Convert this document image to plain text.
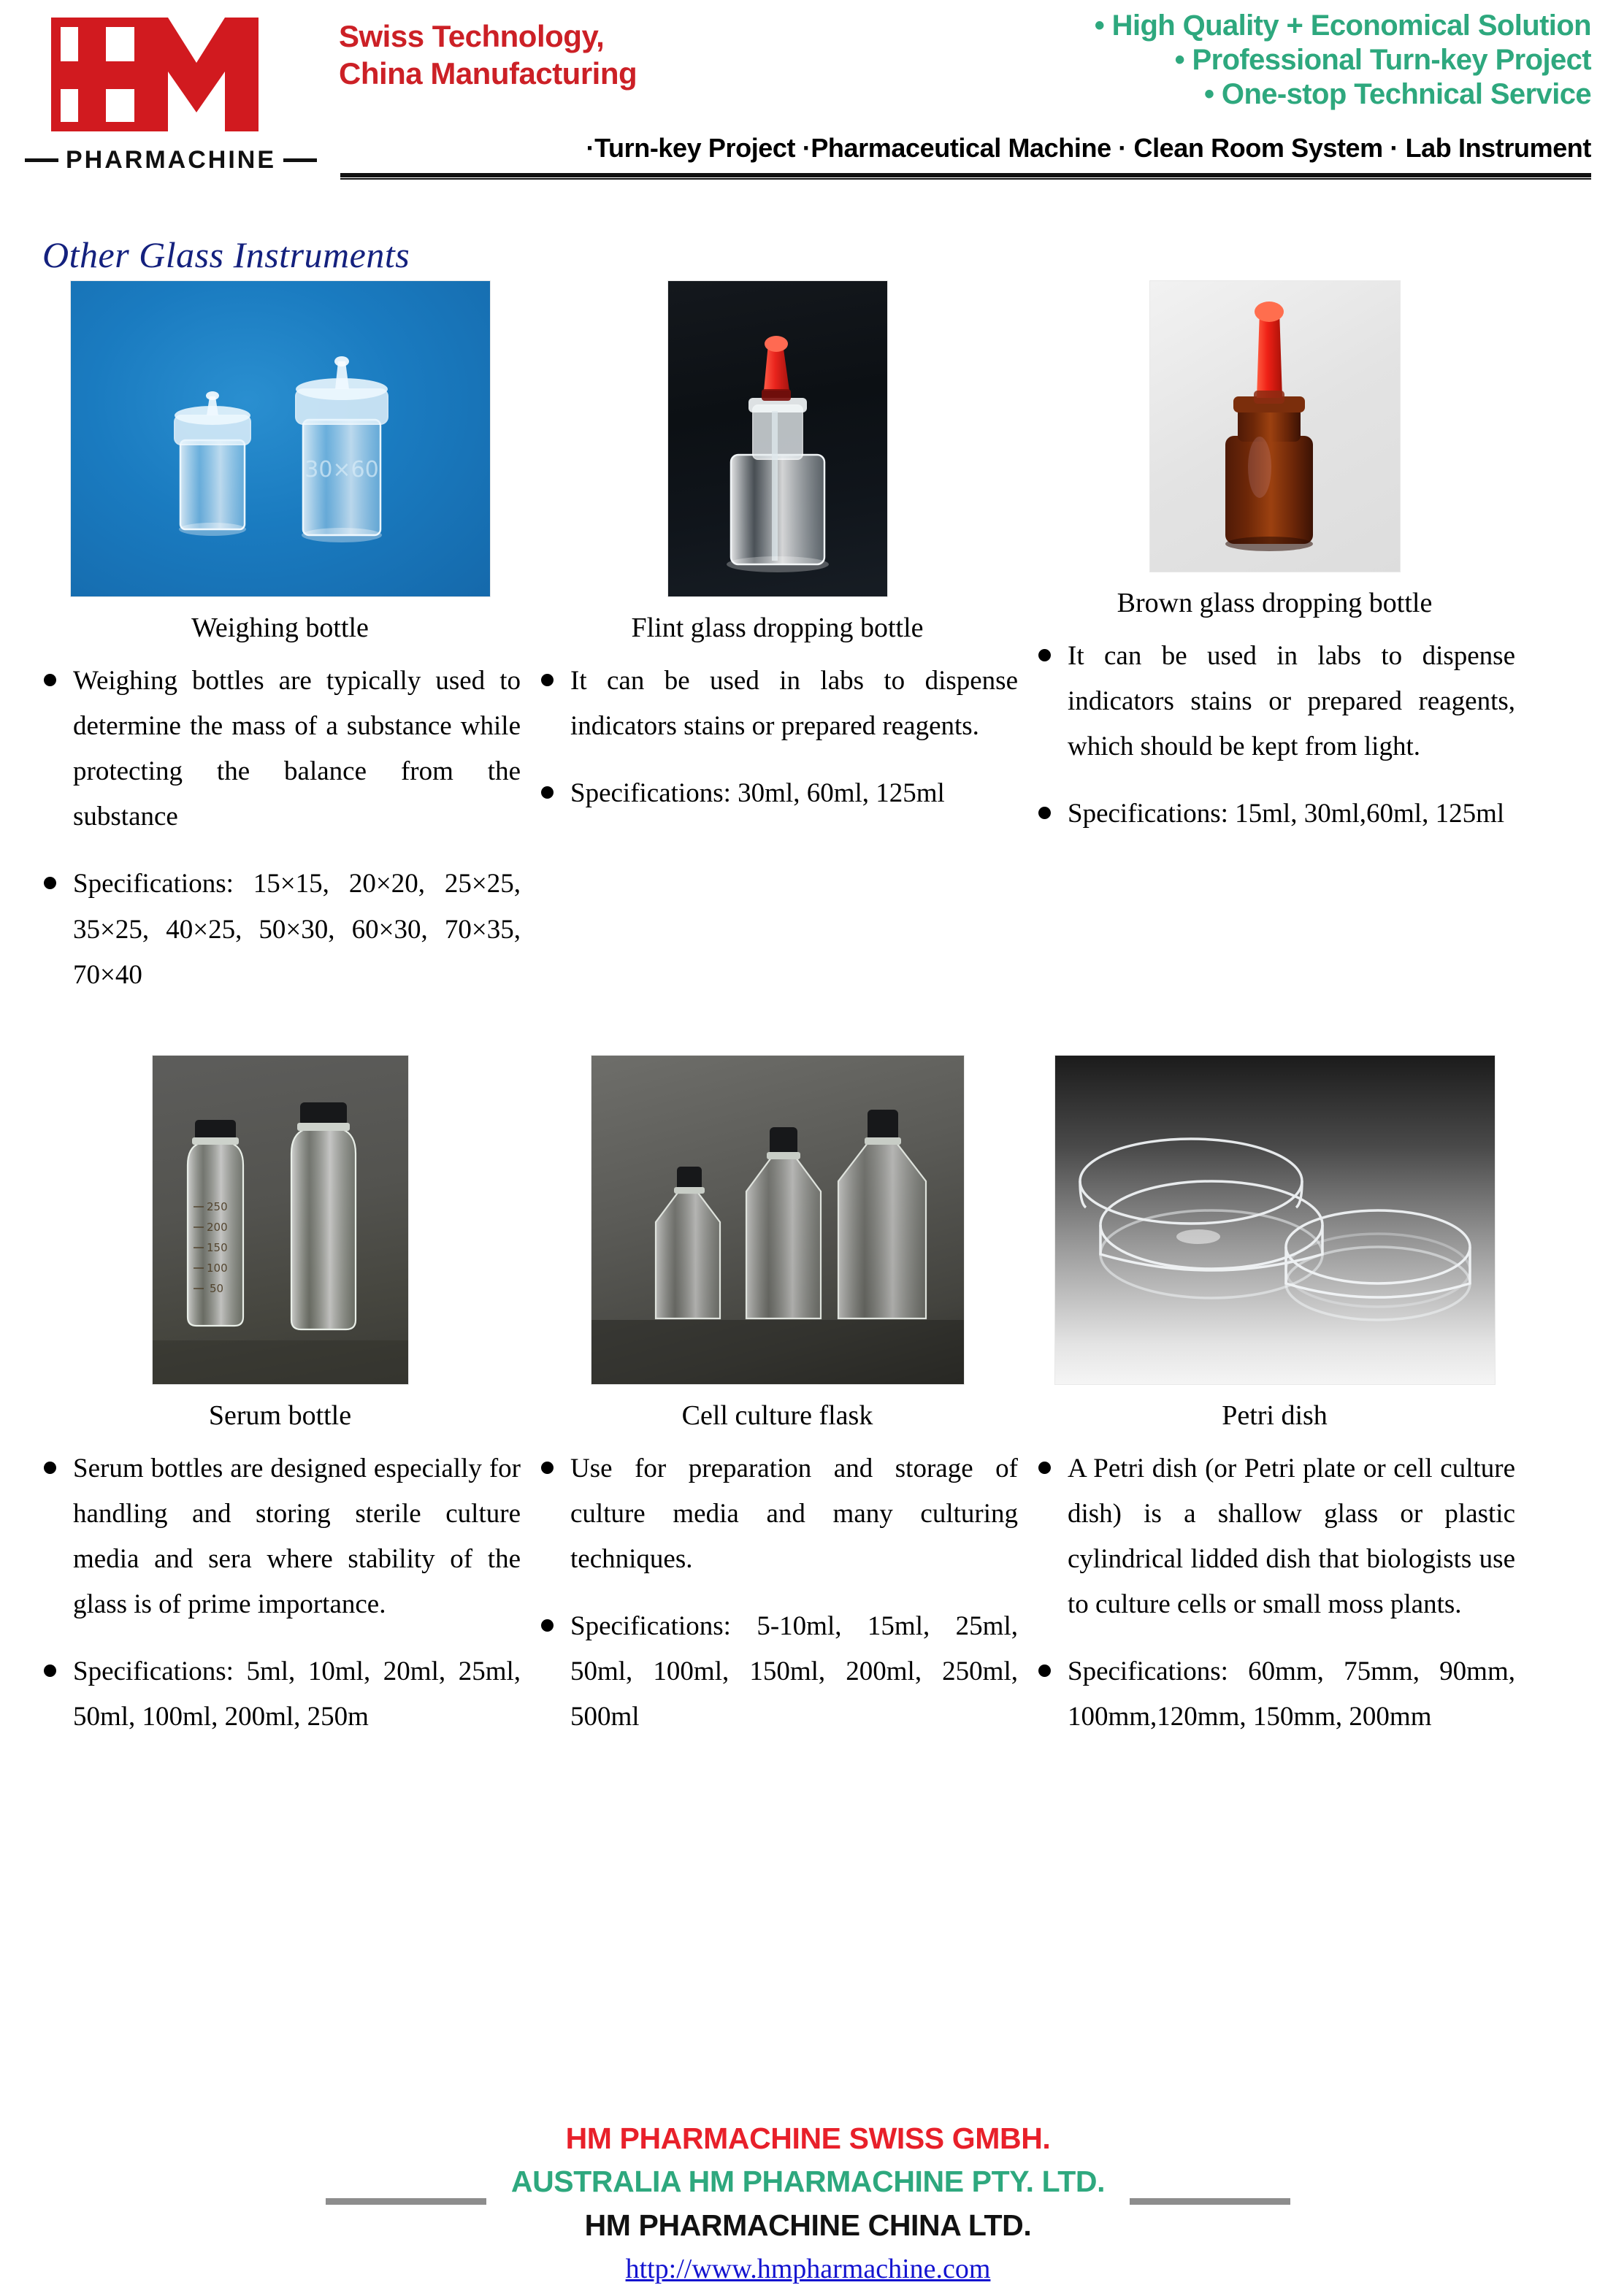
PHARMACHINE
Swiss Technology,
China Manufacturing
• High Quality + Economical Solution
• Professional Turn-key Project
• One-stop Technical Service
·Turn-key Project ·Pharmaceutical Machine · Clean Room System · Lab Instrument
Other Glass Instruments
30×60
Weighing bottle
Weighing bottles are typically used to determine the mass of a substance while protecting the balance from the substance
Specifications: 15×15, 20×20, 25×25, 35×25, 40×25, 50×30, 60×30, 70×35, 70×40
Flint glass dropping bottle
It can be used in labs to dispense indicators stains or prepared reagents.
Specifications: 30ml, 60ml, 125ml
Brown glass dropping bottle
It can be used in labs to dispense indicators stains or prepared reagents, which should be kept from light.
Specifications: 15ml, 30ml,60ml, 125ml
250
200
150
100
50
Serum bottle
Serum bottles are designed especially for handling and storing sterile culture media and sera where stability of the glass is of prime importance.
Specifications: 5ml, 10ml, 20ml, 25ml, 50ml, 100ml, 200ml, 250m
Cell culture flask
Use for preparation and storage of culture media and many culturing techniques.
Specifications: 5-10ml, 15ml, 25ml, 50ml, 100ml, 150ml, 200ml, 250ml, 500ml
Petri dish
A Petri dish (or Petri plate or cell culture dish) is a shallow glass or plastic cylindrical lidded dish that biologists use to culture cells or small moss plants.
Specifications: 60mm, 75mm, 90mm, 100mm,120mm, 150mm, 200mm
HM PHARMACHINE SWISS GMBH.
AUSTRALIA HM PHARMACHINE PTY. LTD.
HM PHARMACHINE CHINA LTD.
http://www.hmpharmachine.com
